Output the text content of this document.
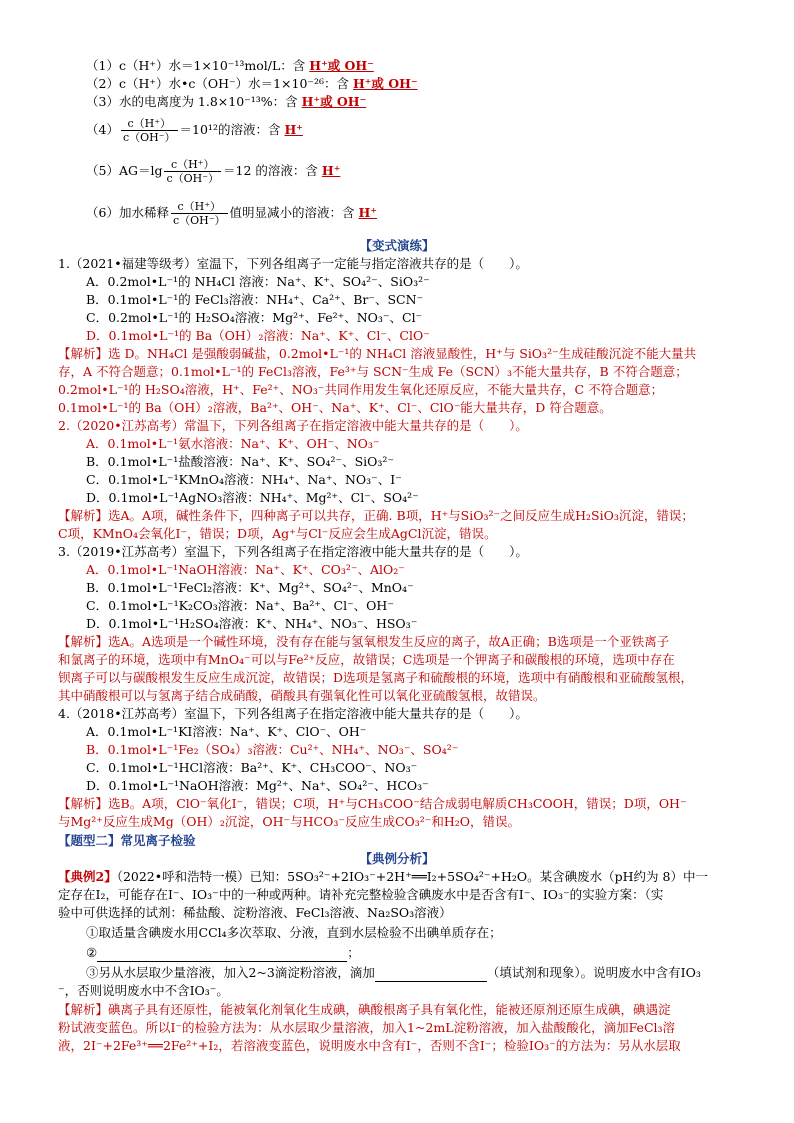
（1）c（H⁺）水＝1×10⁻¹³mol/L：含 H⁺或 OH⁻
（2）c（H⁺）水•c（OH⁻）水＝1×10⁻²⁶：含 H⁺或 OH⁻
（3）水的电离度为 1.8×10⁻¹³%：含 H⁺或 OH⁻
$(4) \frac{c(H^+)}{c(OH^-)} =10^{12}$的溶液：含 H⁺
$(5)AG=\lg \frac{c(H^+)}{c(OH^-)} =12$ 的溶液：含 H⁺
（6）加水稀释 $\frac{c(H^+)}{c(OH^-)}$ 值明显减小的溶液：含 H⁺
【变式演练】
1.（2021•福建等级考）室温下，下列各组离子一定能与指定溶液共存的是（　　）。
A．0.2mol•L⁻¹的 NH₄Cl 溶液：Na⁺、K⁺、SO₄²⁻、SiO₃²⁻
B．0.1mol•L⁻¹的 FeCl₃溶液：NH₄⁺、Ca²⁺、Br⁻、SCN⁻
C．0.2mol•L⁻¹的 H₂SO₄溶液：Mg²⁺、Fe²⁺、NO₃⁻、Cl⁻
D．0.1mol•L⁻¹的 Ba（OH）₂溶液：Na⁺、K⁺、Cl⁻、ClO⁻
【解析】选 D。NH₄Cl 是强酸弱碱盐，0.2mol•L⁻¹的 NH₄Cl 溶液显酸性，H⁺与 SiO₃²⁻生成硅酸沉淀不能大量共
存，A 不符合题意；0.1mol•L⁻¹的 FeCl₃溶液，Fe³⁺与 SCN⁻生成 Fe（SCN）₃不能大量共存，B 不符合题意；
0.2mol•L⁻¹的 H₂SO₄溶液，H⁺、Fe²⁺、NO₃⁻共同作用发生氧化还原反应，不能大量共存，C 不符合题意；
0.1mol•L⁻¹的 Ba（OH）₂溶液，Ba²⁺、OH⁻、Na⁺、K⁺、Cl⁻、ClO⁻能大量共存，D 符合题意。
2.（2020•江苏高考）常温下，下列各组离子在指定溶液中能大量共存的是（　　）。
A．0.1mol•L⁻¹氨水溶液：Na⁺、K⁺、OH⁻、NO₃⁻
B．0.1mol•L⁻¹盐酸溶液：Na⁺、K⁺、SO₄²⁻、SiO₃²⁻
C．0.1mol•L⁻¹KMnO₄溶液：NH₄⁺、Na⁺、NO₃⁻、I⁻
D．0.1mol•L⁻¹AgNO₃溶液：NH₄⁺、Mg²⁺、Cl⁻、SO₄²⁻
【解析】选A。A项，碱性条件下，四种离子可以共存，正确. B项，H⁺与SiO₃²⁻之间反应生成H₂SiO₃沉淀，错误；
C项，KMnO₄会氧化I⁻，错误；D项，Ag⁺与Cl⁻反应会生成AgCl沉淀，错误。
3.（2019•江苏高考）室温下，下列各组离子在指定溶液中能大量共存的是（　　）。
A．0.1mol•L⁻¹NaOH溶液：Na⁺、K⁺、CO₃²⁻、AlO₂⁻
B．0.1mol•L⁻¹FeCl₂溶液：K⁺、Mg²⁺、SO₄²⁻、MnO₄⁻
C．0.1mol•L⁻¹K₂CO₃溶液：Na⁺、Ba²⁺、Cl⁻、OH⁻
D．0.1mol•L⁻¹H₂SO₄溶液：K⁺、NH₄⁺、NO₃⁻、HSO₃⁻
【解析】选A。A选项是一个碱性环境，没有存在能与氢氧根发生反应的离子，故A正确；B选项是一个亚铁离子
和氯离子的环境，选项中有MnO₄⁻可以与Fe²⁺反应，故错误；C选项是一个钾离子和碳酸根的环境，选项中存在
钡离子可以与碳酸根发生反应生成沉淀，故错误；D选项是氢离子和硫酸根的环境，选项中有硝酸根和亚硫酸氢根，
其中硝酸根可以与氢离子结合成硝酸，硝酸具有强氧化性可以氧化亚硫酸氢根，故错误。
4.（2018•江苏高考）室温下，下列各组离子在指定溶液中能大量共存的是（　　）。
A．0.1mol•L⁻¹KI溶液：Na⁺、K⁺、ClO⁻、OH⁻
B．0.1mol•L⁻¹Fe₂（SO₄）₃溶液：Cu²⁺、NH₄⁺、NO₃⁻、SO₄²⁻
C．0.1mol•L⁻¹HCl溶液：Ba²⁺、K⁺、CH₃COO⁻、NO₃⁻
D．0.1mol•L⁻¹NaOH溶液：Mg²⁺、Na⁺、SO₄²⁻、HCO₃⁻
【解析】选B。A项，ClO⁻氧化I⁻，错误；C项，H⁺与CH₃COO⁻结合成弱电解质CH₃COOH，错误；D项，OH⁻
与Mg²⁺反应生成Mg（OH）₂沉淀，OH⁻与HCO₃⁻反应生成CO₃²⁻和H₂O，错误。
【题型二】常见离子检验
【典例分析】
【典例2】（2022•呼和浩特一模）已知：5SO₃²⁻+2IO₃⁻+2H⁺══I₂+5SO₄²⁻+H₂O。某含碘废水（pH约为 8）中一
定存在I₂，可能存在I⁻、IO₃⁻中的一种或两种。请补充完整检验含碘废水中是否含有I⁻、IO₃⁻的实验方案：（实
验中可供选择的试剂：稀盐酸、淀粉溶液、FeCl₃溶液、Na₂SO₃溶液）
①取适量含碘废水用CCl₄多次萃取、分液，直到水层检验不出碘单质存在；
②	；
③另从水层取少量溶液，加入2~3滴淀粉溶液，滴加	（填试剂和现象）。说明废水中含有IO₃
⁻，否则说明废水中不含IO₃⁻。
【解析】碘离子具有还原性，能被氧化剂氧化生成碘，碘酸根离子具有氧化性，能被还原剂还原生成碘，碘遇淀
粉试液变蓝色。所以I⁻的检验方法为：从水层取少量溶液，加入1~2mL淀粉溶液，加入盐酸酸化，滴加FeCl₃溶
液，2I⁻+2Fe³⁺══2Fe²⁺+I₂，若溶液变蓝色，说明废水中含有I⁻，否则不含I⁻；检验IO₃⁻的方法为：另从水层取
